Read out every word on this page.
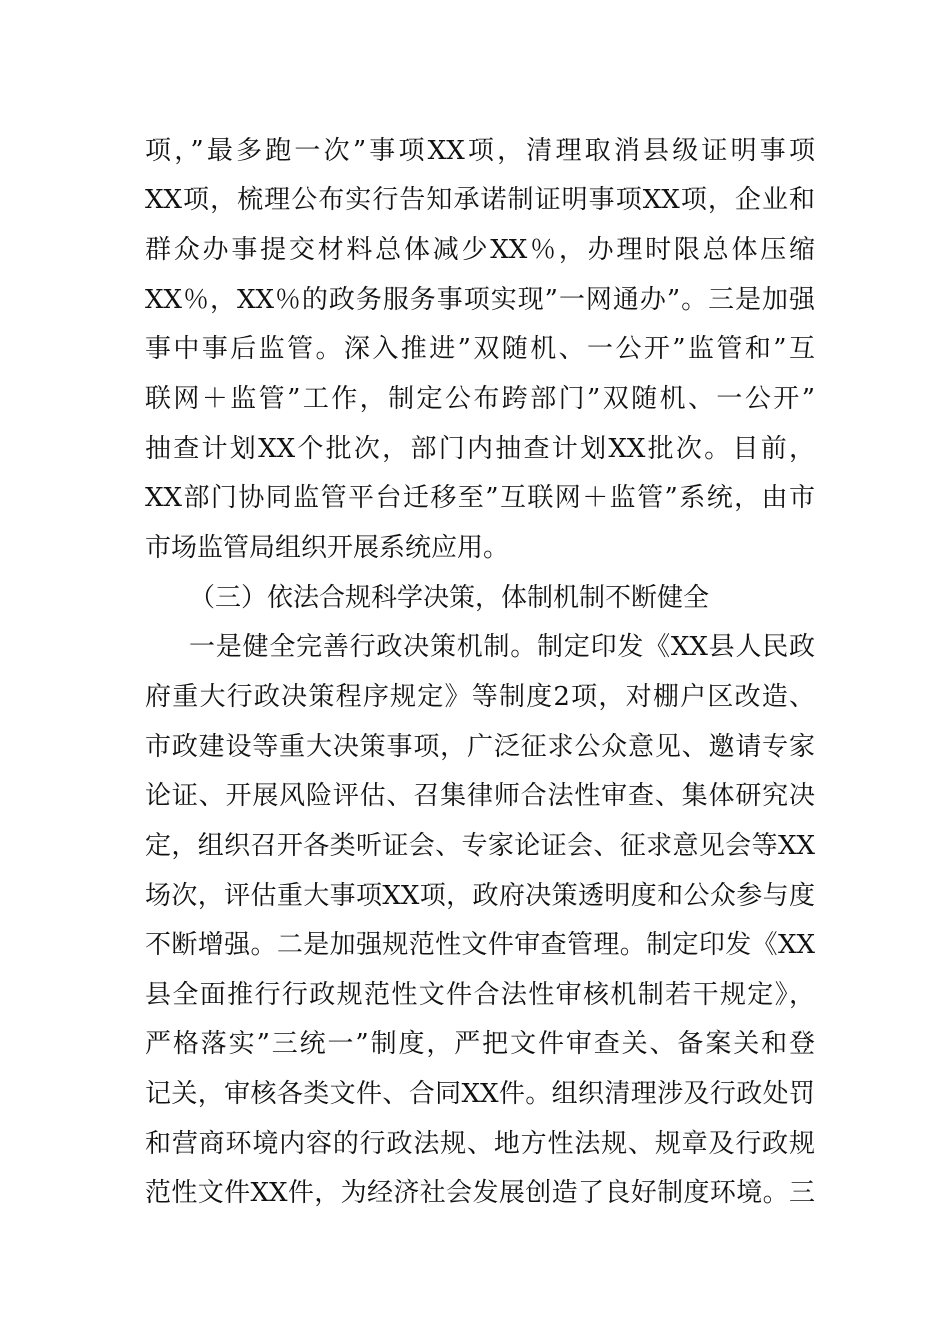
项，”最多跑一次”事项XX项，清理取消县级证明事项
XX项，梳理公布实行告知承诺制证明事项XX项，企业和
群众办事提交材料总体减少XX％，办理时限总体压缩
XX％，XX％的政务服务事项实现”一网通办”。三是加强
事中事后监管。深入推进”双随机、一公开”监管和”互
联网＋监管”工作，制定公布跨部门”双随机、一公开”
抽查计划XX个批次，部门内抽查计划XX批次。目前，
XX部门协同监管平台迁移至”互联网＋监管”系统，由市
市场监管局组织开展系统应用。
（三）依法合规科学决策，体制机制不断健全
一是健全完善行政决策机制。制定印发《XX县人民政
府重大行政决策程序规定》等制度2项，对棚户区改造、
市政建设等重大决策事项，广泛征求公众意见、邀请专家
论证、开展风险评估、召集律师合法性审查、集体研究决
定，组织召开各类听证会、专家论证会、征求意见会等XX
场次，评估重大事项XX项，政府决策透明度和公众参与度
不断增强。二是加强规范性文件审查管理。制定印发《XX
县全面推行行政规范性文件合法性审核机制若干规定》，
严格落实”三统一”制度，严把文件审查关、备案关和登
记关，审核各类文件、合同XX件。组织清理涉及行政处罚
和营商环境内容的行政法规、地方性法规、规章及行政规
范性文件XX件，为经济社会发展创造了良好制度环境。三
